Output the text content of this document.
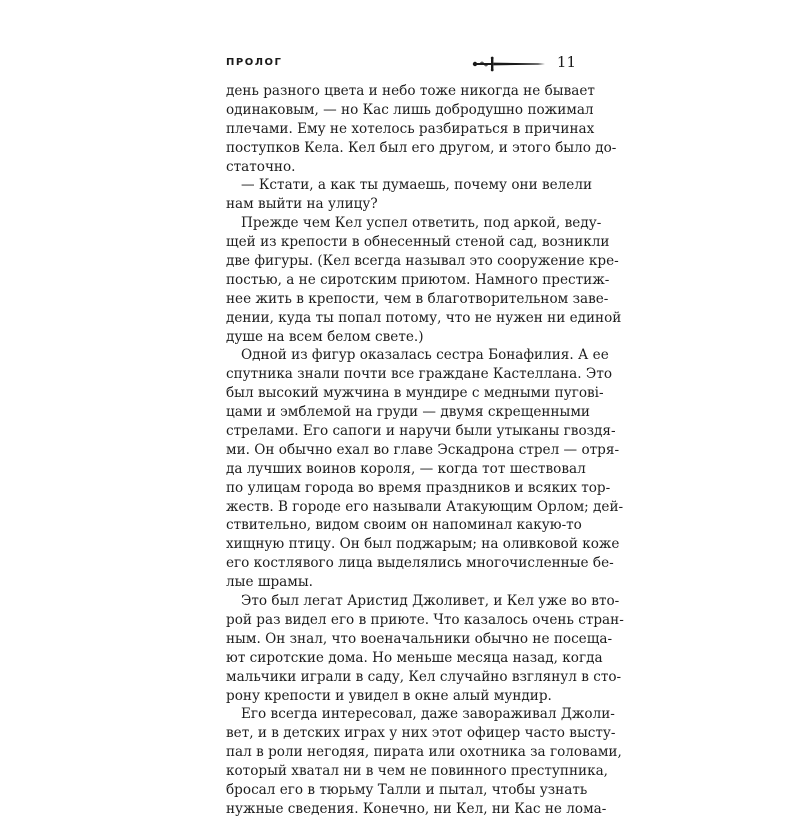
ПРОЛОГ	11
день разного цвета и небо тоже никогда не бывает
одинаковым, — но Кас лишь добродушно пожимал
плечами. Ему не хотелось разбираться в причинах
поступков Кела. Кел был его другом, и этого было до-
статочно.
— Кстати, а как ты думаешь, почему они велели
нам выйти на улицу?
Прежде чем Кел успел ответить, под аркой, веду-
щей из крепости в обнесенный стеной сад, возникли
две фигуры. (Кел всегда называл это сооружение кре-
постью, а не сиротским приютом. Намного престиж-
нее жить в крепости, чем в благотворительном заве-
дении, куда ты попал потому, что не нужен ни единой
душе на всем белом свете.)
Одной из фигур оказалась сестра Бонафилия. А ее
спутника знали почти все граждане Кастеллана. Это
был высокий мужчина в мундире с медными пуговi-
цами и эмблемой на груди — двумя скрещенными
стрелами. Его сапоги и наручи были утыканы гвоздя-
ми. Он обычно ехал во главе Эскадрона стрел — отря-
да лучших воинов короля, — когда тот шествовал
по улицам города во время праздников и всяких тор-
жеств. В городе его называли Атакующим Орлом; дей-
ствительно, видом своим он напоминал какую-то
хищную птицу. Он был поджарым; на оливковой коже
его костлявого лица выделялись многочисленные бе-
лые шрамы.
Это был легат Аристид Джоливет, и Кел уже во вто-
рой раз видел его в приюте. Что казалось очень стран-
ным. Он знал, что военачальники обычно не посеща-
ют сиротские дома. Но меньше месяца назад, когда
мальчики играли в саду, Кел случайно взглянул в сто-
рону крепости и увидел в окне алый мундир.
Его всегда интересовал, даже завораживал Джоли-
вет, и в детских играх у них этот офицер часто высту-
пал в роли негодяя, пирата или охотника за головами,
который хватал ни в чем не повинного преступника,
бросал его в тюрьму Талли и пытал, чтобы узнать
нужные сведения. Конечно, ни Кел, ни Кас не лома-
